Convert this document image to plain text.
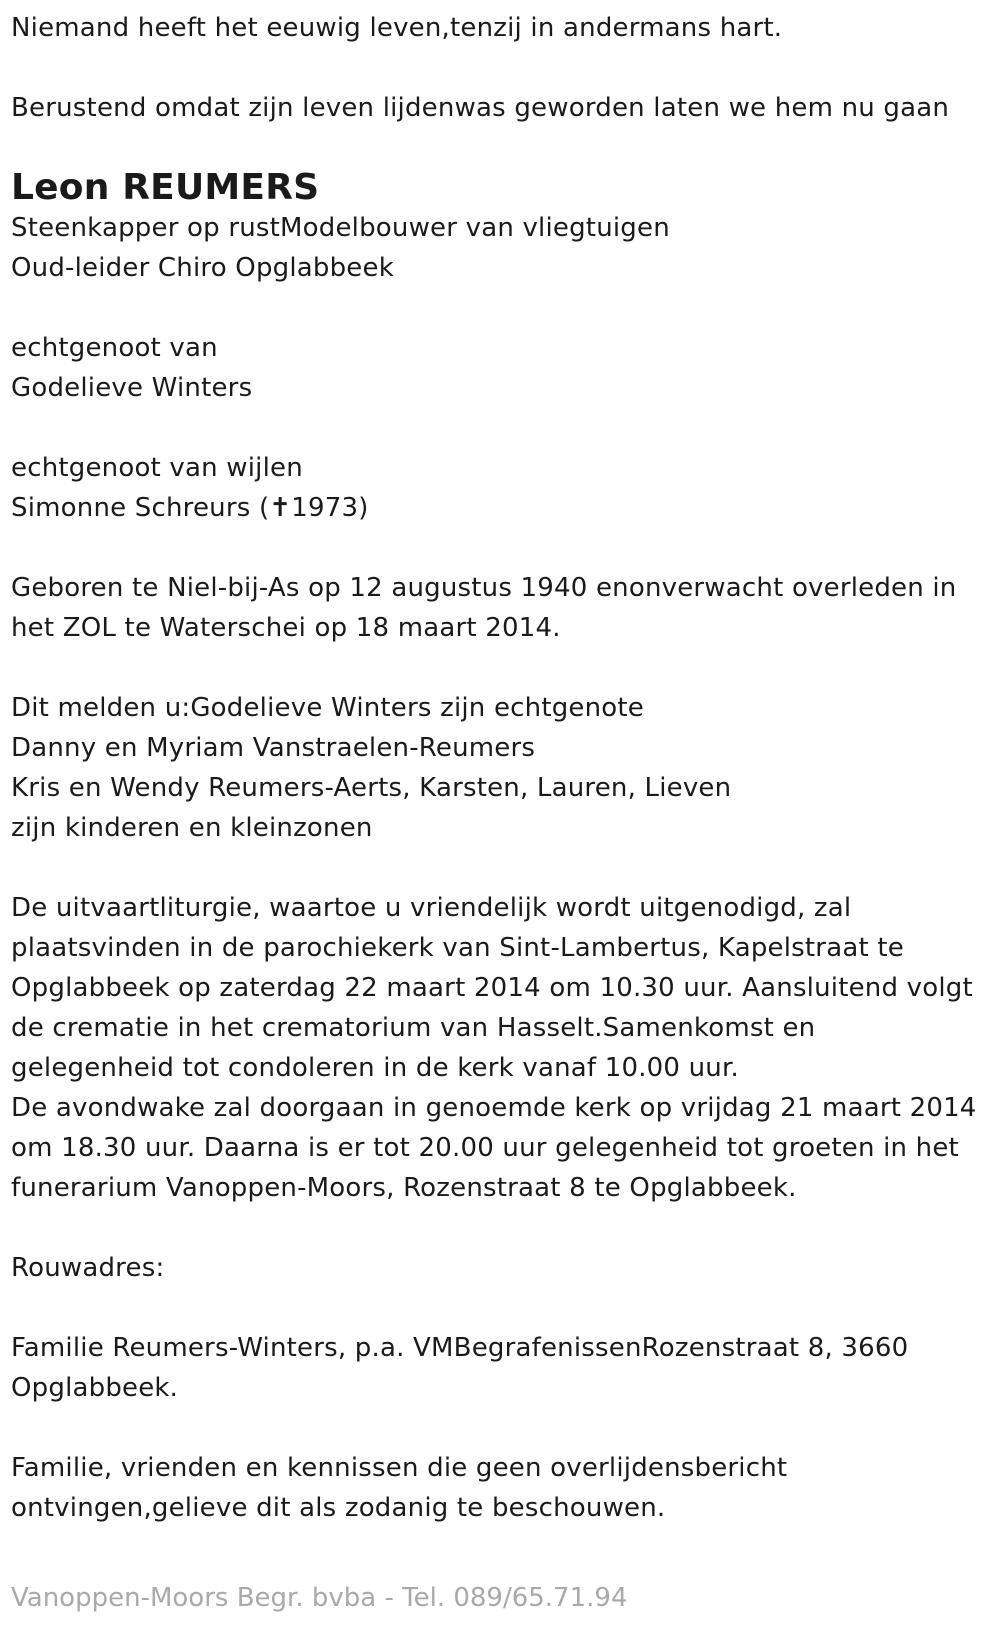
Niemand heeft het eeuwig leven,tenzij in andermans hart.
Berustend omdat zijn leven lijdenwas geworden laten we hem nu gaan
Leon REUMERS
Steenkapper op rustModelbouwer van vliegtuigen
Oud-leider Chiro Opglabbeek
echtgenoot van
Godelieve Winters
echtgenoot van wijlen
Simonne Schreurs (✝1973)
Geboren te Niel-bij-As op 12 augustus 1940 enonverwacht overleden in
het ZOL te Waterschei op 18 maart 2014.
Dit melden u:Godelieve Winters zijn echtgenote
Danny en Myriam Vanstraelen-Reumers
Kris en Wendy Reumers-Aerts, Karsten, Lauren, Lieven
zijn kinderen en kleinzonen
De uitvaartliturgie, waartoe u vriendelijk wordt uitgenodigd, zal
plaatsvinden in de parochiekerk van Sint-Lambertus, Kapelstraat te
Opglabbeek op zaterdag 22 maart 2014 om 10.30 uur. Aansluitend volgt
de crematie in het crematorium van Hasselt.Samenkomst en
gelegenheid tot condoleren in de kerk vanaf 10.00 uur.
De avondwake zal doorgaan in genoemde kerk op vrijdag 21 maart 2014
om 18.30 uur. Daarna is er tot 20.00 uur gelegenheid tot groeten in het
funerarium Vanoppen-Moors, Rozenstraat 8 te Opglabbeek.
Rouwadres:
Familie Reumers-Winters, p.a. VMBegrafenissenRozenstraat 8, 3660
Opglabbeek.
Familie, vrienden en kennissen die geen overlijdensbericht
ontvingen,gelieve dit als zodanig te beschouwen.
Vanoppen-Moors Begr. bvba - Tel. 089/65.71.94
